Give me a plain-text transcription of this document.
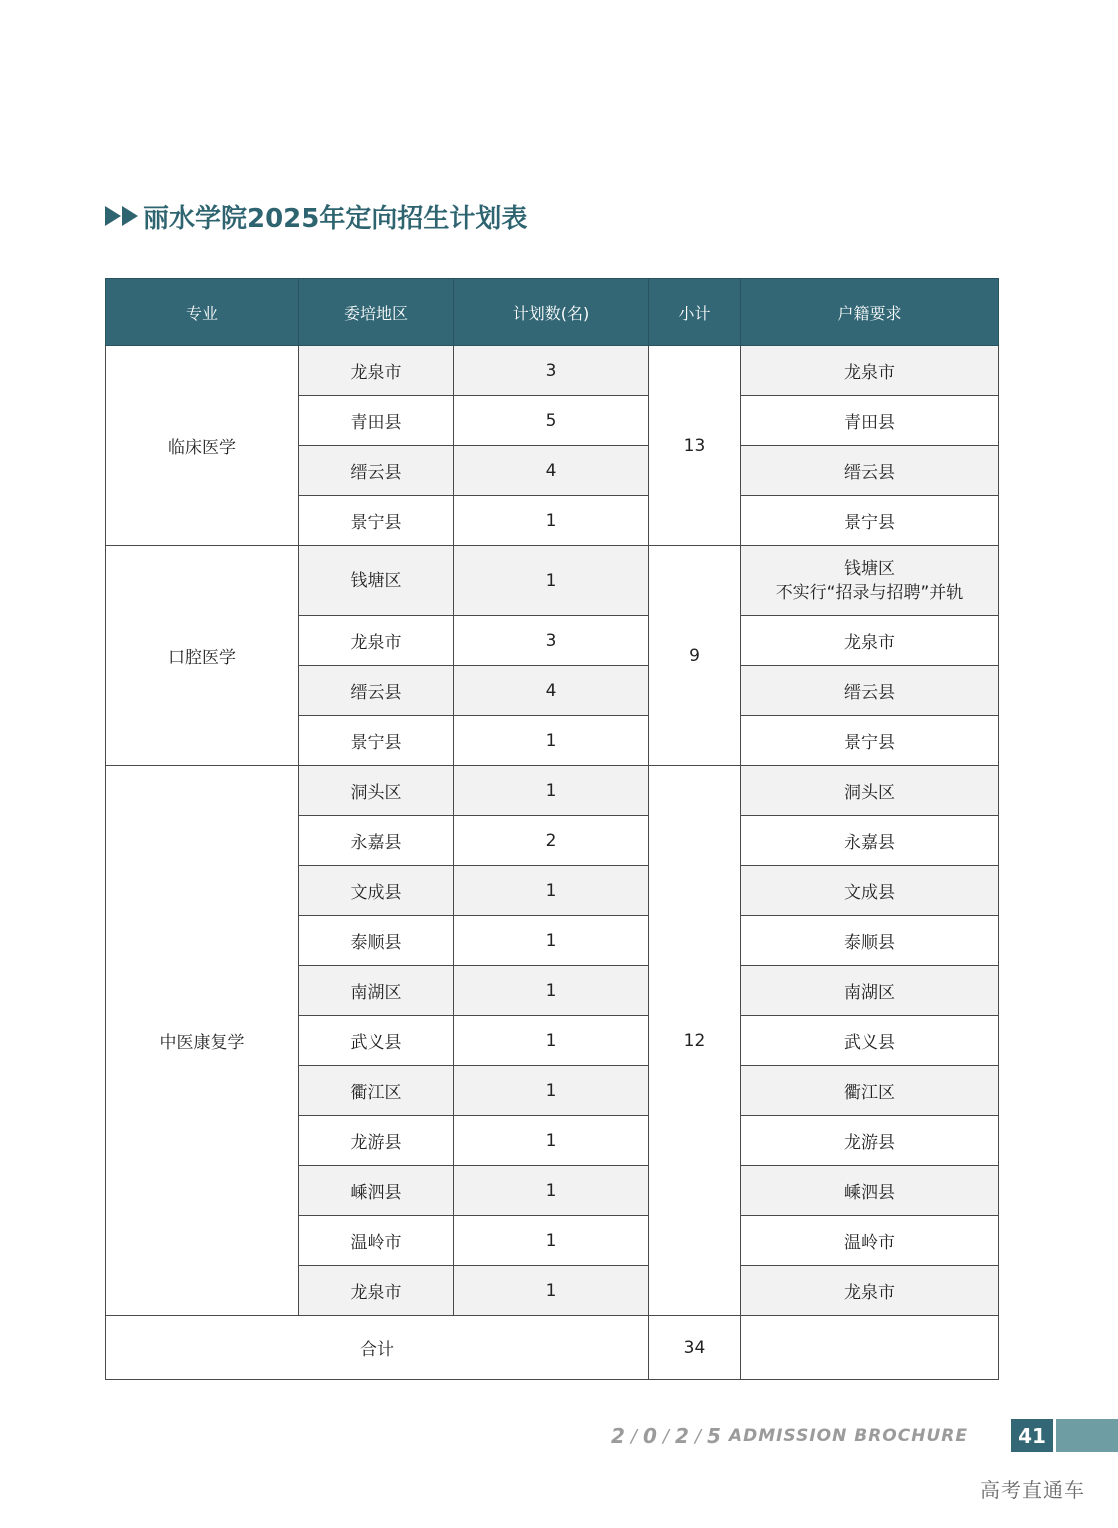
丽水学院2025年定向招生计划表
专业	委培地区	计划数(名)	小计	户籍要求
临床医学	龙泉市	3	13	龙泉市

	青田县	5		青田县

	缙云县	4		缙云县

	景宁县	1		景宁县

口腔医学	钱塘区	1	9	钱塘区
不实行“招录与招聘”并轨

	龙泉市	3		龙泉市

	缙云县	4		缙云县

	景宁县	1		景宁县

中医康复学	洞头区	1	12	洞头区

	永嘉县	2		永嘉县

	文成县	1		文成县

	泰顺县	1		泰顺县

	南湖区	1		南湖区

	武义县	1		武义县

	衢江区	1		衢江区

	龙游县	1		龙游县

	嵊泗县	1		嵊泗县

	温岭市	1		温岭市

	龙泉市	1		龙泉市

合计			34	
2 / 0 / 2 / 5 ADMISSION BROCHURE	41
高考直通车
